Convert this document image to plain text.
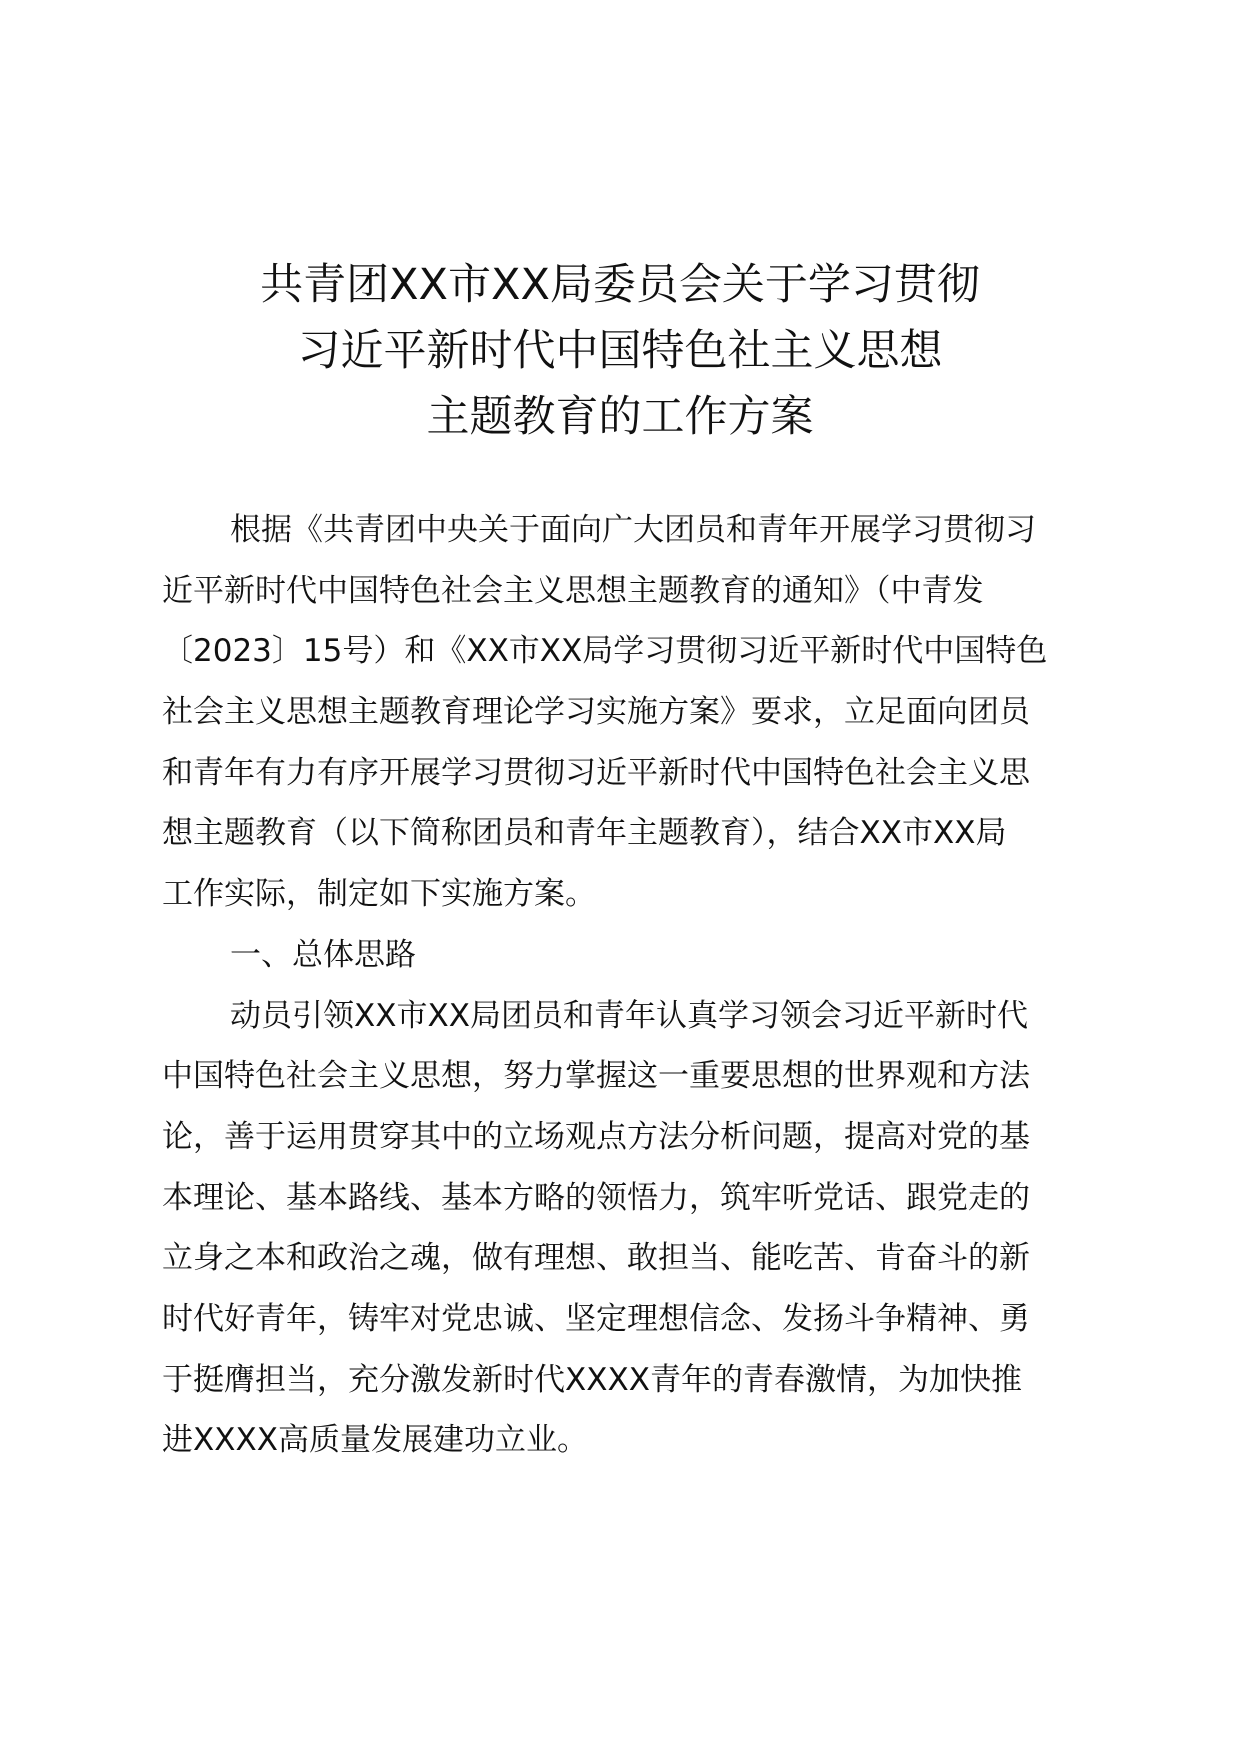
共青团XX市XX局委员会关于学习贯彻
习近平新时代中国特色社主义思想
主题教育的工作方案
根据《共青团中央关于面向广大团员和青年开展学习贯彻习
近平新时代中国特色社会主义思想主题教育的通知》（中青发
〔2023〕15号）和《XX市XX局学习贯彻习近平新时代中国特色
社会主义思想主题教育理论学习实施方案》要求，立足面向团员
和青年有力有序开展学习贯彻习近平新时代中国特色社会主义思
想主题教育（以下简称团员和青年主题教育），结合XX市XX局
工作实际，制定如下实施方案。
一、总体思路
动员引领XX市XX局团员和青年认真学习领会习近平新时代
中国特色社会主义思想，努力掌握这一重要思想的世界观和方法
论，善于运用贯穿其中的立场观点方法分析问题，提高对党的基
本理论、基本路线、基本方略的领悟力，筑牢听党话、跟党走的
立身之本和政治之魂，做有理想、敢担当、能吃苦、肯奋斗的新
时代好青年，铸牢对党忠诚、坚定理想信念、发扬斗争精神、勇
于挺膺担当，充分激发新时代XXXX青年的青春激情，为加快推
进XXXX高质量发展建功立业。
